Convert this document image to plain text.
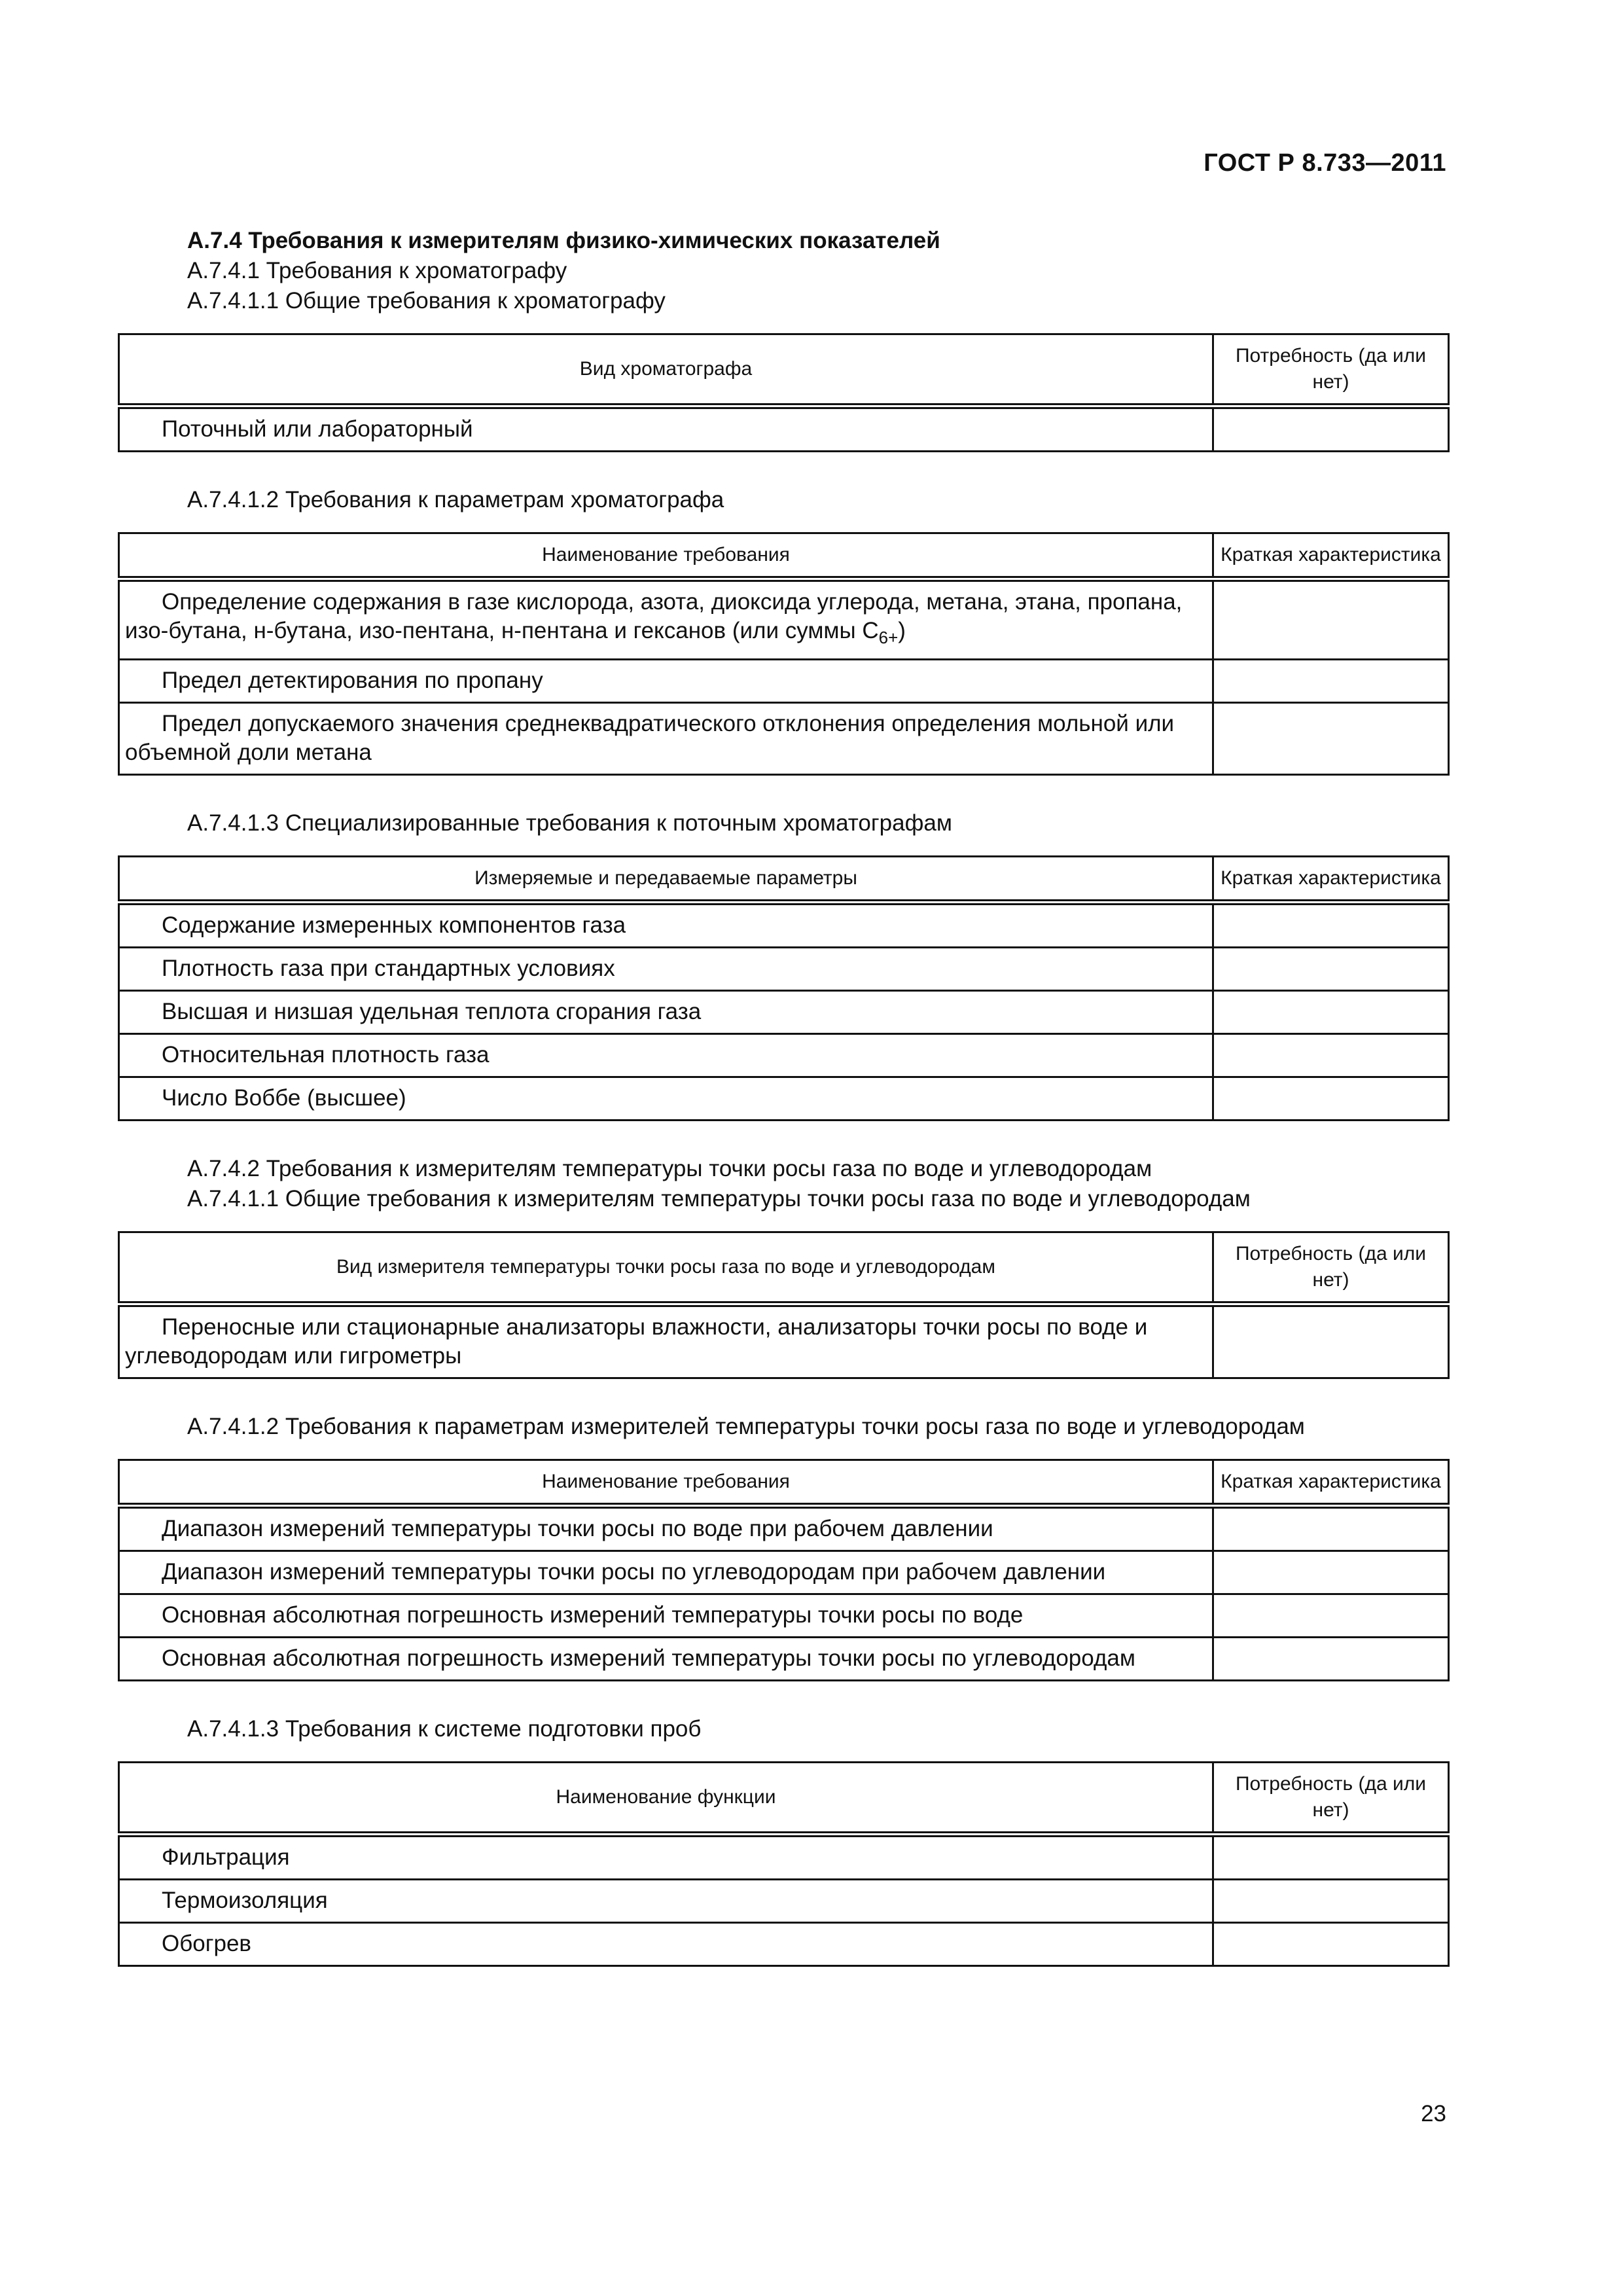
ГОСТ Р 8.733—2011

А.7.4 Требования к измерителям физико-химических показателей

А.7.4.1 Требования к хроматографу

А.7.4.1.1 Общие требования к хроматографу

Вид хроматографа	Потребность (да или нет)
Поточный или лабораторный	

А.7.4.1.2 Требования к параметрам хроматографа

Наименование требования	Краткая характеристика
Определение содержания в газе кислорода, азота, диоксида углерода, метана, этана, пропана, изо-бутана, н-бутана, изо-пентана, н-пентана и гексанов (или суммы $C_{6+}$)	
Предел детектирования по пропану	
Предел допускаемого значения среднеквадратического отклонения определения мольной или объемной доли метана	

А.7.4.1.3 Специализированные требования к поточным хроматографам

Измеряемые и передаваемые параметры	Краткая характеристика
Содержание измеренных компонентов газа	
Плотность газа при стандартных условиях	
Высшая и низшая удельная теплота сгорания газа	
Относительная плотность газа	
Число Воббе (высшее)	

А.7.4.2 Требования к измерителям температуры точки росы газа по воде и углеводородам

А.7.4.1.1 Общие требования к измерителям температуры точки росы газа по воде и углеводородам

Вид измерителя температуры точки росы газа по воде и углеводородам	Потребность (да или нет)
Переносные или стационарные анализаторы влажности, анализаторы точки росы по воде и углеводородам или гигрометры	

А.7.4.1.2 Требования к параметрам измерителей температуры точки росы газа по воде и углеводородам

Наименование требования	Краткая характеристика
Диапазон измерений температуры точки росы по воде при рабочем давлении	
Диапазон измерений температуры точки росы по углеводородам при рабочем давлении	
Основная абсолютная погрешность измерений температуры точки росы по воде	
Основная абсолютная погрешность измерений температуры точки росы по углеводородам	

А.7.4.1.3 Требования к системе подготовки проб

Наименование функции	Потребность (да или нет)
Фильтрация	
Термоизоляция	
Обогрев	
23
